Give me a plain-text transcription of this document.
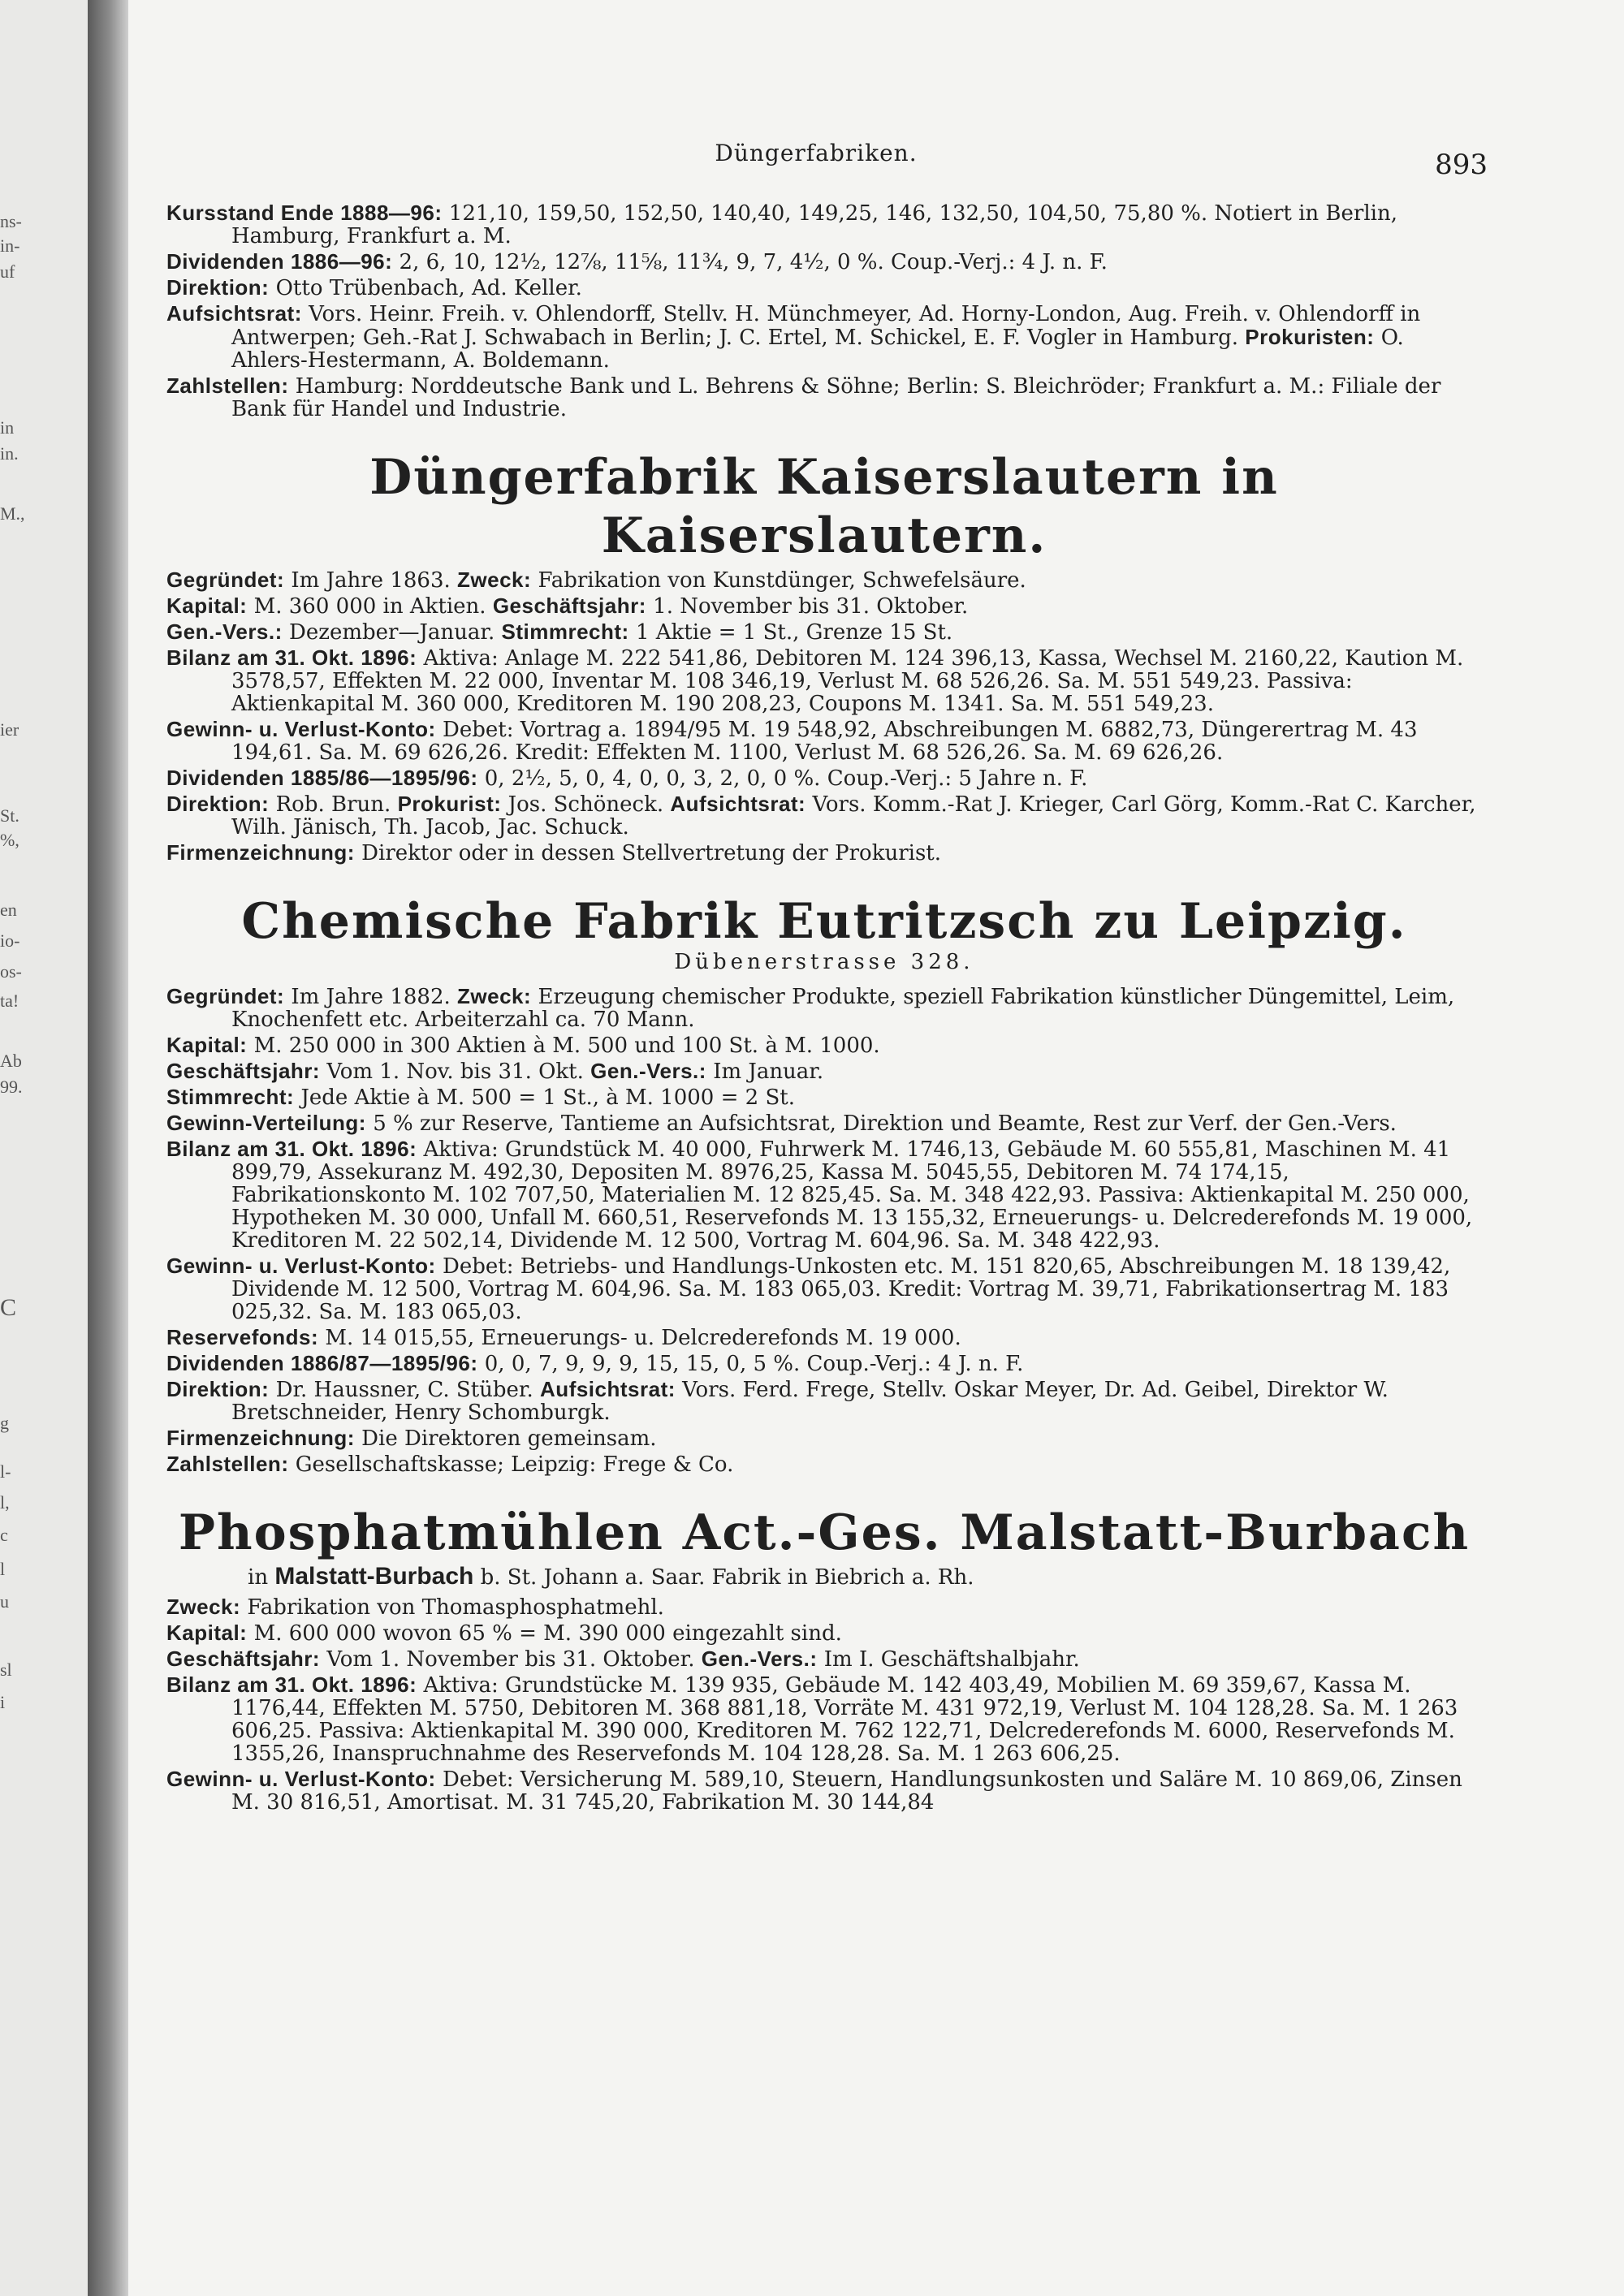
ns-
in-
uf
in
in.
M.,
ier
St.
%,
en
io-
os-
ta!
Ab
99.
C
g
l-
l,
c
l
u
sl
i
Düngerfabriken.	893

Kursstand Ende 1888—96: 121,10, 159,50, 152,50, 140,40, 149,25, 146, 132,50, 104,50, 75,80 %. Notiert in Berlin, Hamburg, Frankfurt a. M.

Dividenden 1886—96: 2, 6, 10, 12½, 12⅞, 11⅝, 11¾, 9, 7, 4½, 0 %. Coup.-Verj.: 4 J. n. F.

Direktion: Otto Trübenbach, Ad. Keller.

Aufsichtsrat: Vors. Heinr. Freih. v. Ohlendorff, Stellv. H. Münchmeyer, Ad. Horny-London, Aug. Freih. v. Ohlendorff in Antwerpen; Geh.-Rat J. Schwabach in Berlin; J. C. Ertel, M. Schickel, E. F. Vogler in Hamburg. Prokuristen: O. Ahlers-Hestermann, A. Boldemann.

Zahlstellen: Hamburg: Norddeutsche Bank und L. Behrens & Söhne; Berlin: S. Bleichröder; Frankfurt a. M.: Filiale der Bank für Handel und Industrie.

Düngerfabrik Kaiserslautern in Kaiserslautern.

Gegründet: Im Jahre 1863. Zweck: Fabrikation von Kunstdünger, Schwefelsäure.

Kapital: M. 360 000 in Aktien. Geschäftsjahr: 1. November bis 31. Oktober.

Gen.-Vers.: Dezember—Januar. Stimmrecht: 1 Aktie = 1 St., Grenze 15 St.

Bilanz am 31. Okt. 1896: Aktiva: Anlage M. 222 541,86, Debitoren M. 124 396,13, Kassa, Wechsel M. 2160,22, Kaution M. 3578,57, Effekten M. 22 000, Inventar M. 108 346,19, Verlust M. 68 526,26. Sa. M. 551 549,23. Passiva: Aktienkapital M. 360 000, Kreditoren M. 190 208,23, Coupons M. 1341. Sa. M. 551 549,23.

Gewinn- u. Verlust-Konto: Debet: Vortrag a. 1894/95 M. 19 548,92, Abschreibungen M. 6882,73, Düngerertrag M. 43 194,61. Sa. M. 69 626,26. Kredit: Effekten M. 1100, Verlust M. 68 526,26. Sa. M. 69 626,26.

Dividenden 1885/86—1895/96: 0, 2½, 5, 0, 4, 0, 0, 3, 2, 0, 0 %. Coup.-Verj.: 5 Jahre n. F.

Direktion: Rob. Brun. Prokurist: Jos. Schöneck. Aufsichtsrat: Vors. Komm.-Rat J. Krieger, Carl Görg, Komm.-Rat C. Karcher, Wilh. Jänisch, Th. Jacob, Jac. Schuck.

Firmenzeichnung: Direktor oder in dessen Stellvertretung der Prokurist.

Chemische Fabrik Eutritzsch zu Leipzig.
Dübenerstrasse 328.

Gegründet: Im Jahre 1882. Zweck: Erzeugung chemischer Produkte, speziell Fabrikation künstlicher Düngemittel, Leim, Knochenfett etc. Arbeiterzahl ca. 70 Mann.

Kapital: M. 250 000 in 300 Aktien à M. 500 und 100 St. à M. 1000.

Geschäftsjahr: Vom 1. Nov. bis 31. Okt. Gen.-Vers.: Im Januar.

Stimmrecht: Jede Aktie à M. 500 = 1 St., à M. 1000 = 2 St.

Gewinn-Verteilung: 5 % zur Reserve, Tantieme an Aufsichtsrat, Direktion und Beamte, Rest zur Verf. der Gen.-Vers.

Bilanz am 31. Okt. 1896: Aktiva: Grundstück M. 40 000, Fuhrwerk M. 1746,13, Gebäude M. 60 555,81, Maschinen M. 41 899,79, Assekuranz M. 492,30, Depositen M. 8976,25, Kassa M. 5045,55, Debitoren M. 74 174,15, Fabrikationskonto M. 102 707,50, Materialien M. 12 825,45. Sa. M. 348 422,93. Passiva: Aktienkapital M. 250 000, Hypotheken M. 30 000, Unfall M. 660,51, Reservefonds M. 13 155,32, Erneuerungs- u. Delcrederefonds M. 19 000, Kreditoren M. 22 502,14, Dividende M. 12 500, Vortrag M. 604,96. Sa. M. 348 422,93.

Gewinn- u. Verlust-Konto: Debet: Betriebs- und Handlungs-Unkosten etc. M. 151 820,65, Abschreibungen M. 18 139,42, Dividende M. 12 500, Vortrag M. 604,96. Sa. M. 183 065,03. Kredit: Vortrag M. 39,71, Fabrikationsertrag M. 183 025,32. Sa. M. 183 065,03.

Reservefonds: M. 14 015,55, Erneuerungs- u. Delcrederefonds M. 19 000.

Dividenden 1886/87—1895/96: 0, 0, 7, 9, 9, 9, 15, 15, 0, 5 %. Coup.-Verj.: 4 J. n. F.

Direktion: Dr. Haussner, C. Stüber. Aufsichtsrat: Vors. Ferd. Frege, Stellv. Oskar Meyer, Dr. Ad. Geibel, Direktor W. Bretschneider, Henry Schomburgk.

Firmenzeichnung: Die Direktoren gemeinsam.

Zahlstellen: Gesellschaftskasse; Leipzig: Frege & Co.

Phosphatmühlen Act.-Ges. Malstatt-Burbach
in Malstatt-Burbach b. St. Johann a. Saar. Fabrik in Biebrich a. Rh.

Zweck: Fabrikation von Thomasphosphatmehl.

Kapital: M. 600 000 wovon 65 % = M. 390 000 eingezahlt sind.

Geschäftsjahr: Vom 1. November bis 31. Oktober. Gen.-Vers.: Im I. Geschäftshalbjahr.

Bilanz am 31. Okt. 1896: Aktiva: Grundstücke M. 139 935, Gebäude M. 142 403,49, Mobilien M. 69 359,67, Kassa M. 1176,44, Effekten M. 5750, Debitoren M. 368 881,18, Vorräte M. 431 972,19, Verlust M. 104 128,28. Sa. M. 1 263 606,25. Passiva: Aktienkapital M. 390 000, Kreditoren M. 762 122,71, Delcrederefonds M. 6000, Reservefonds M. 1355,26, Inanspruchnahme des Reservefonds M. 104 128,28. Sa. M. 1 263 606,25.

Gewinn- u. Verlust-Konto: Debet: Versicherung M. 589,10, Steuern, Handlungsunkosten und Saläre M. 10 869,06, Zinsen M. 30 816,51, Amortisat. M. 31 745,20, Fabrikation M. 30 144,84
